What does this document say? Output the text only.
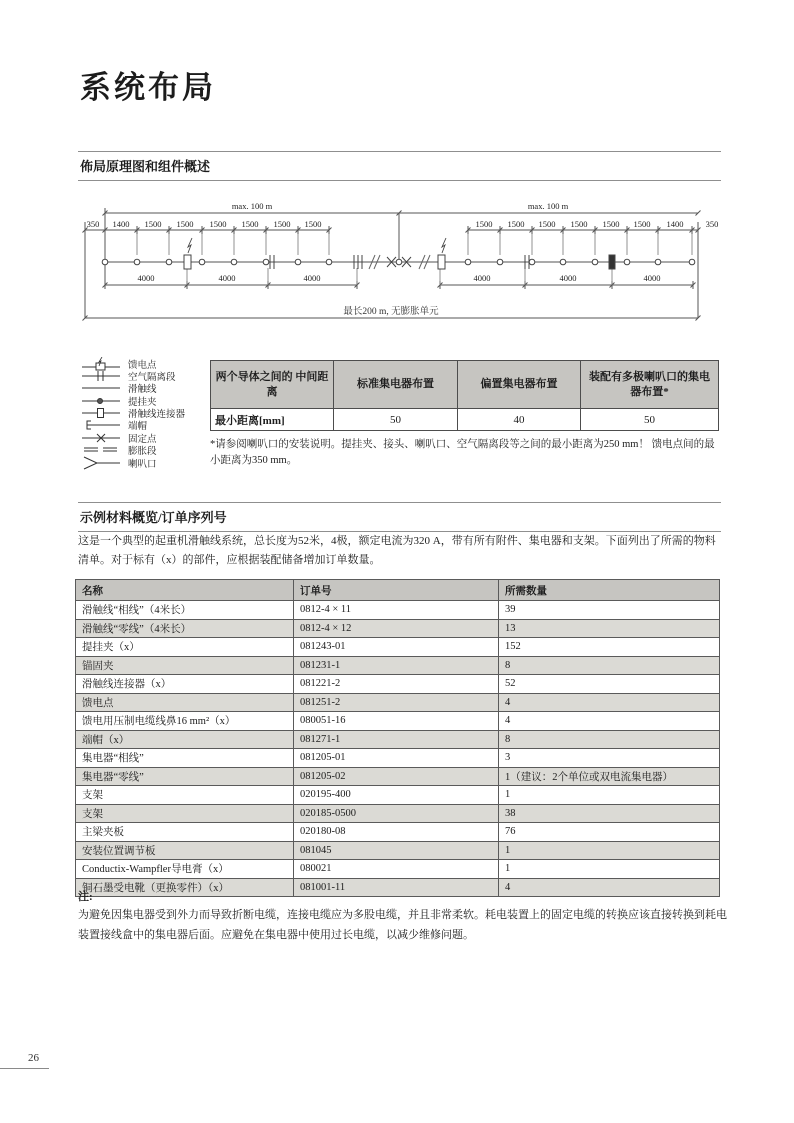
系统布局
佈局原理图和组件概述
max. 100 m	max. 100 m
350 1400 1500 1500 1500 1500 1500 1500	1500 1500 1500 1500 1500 1500 1400	350
4000	4000	4000	4000	4000	4000
最长200 m, 无膨胀单元
馈电点
空气隔离段
滑触线
提挂夹
滑触线连接器
端帽
固定点
膨胀段
喇叭口
两个导体之间的 中间距离	标准集电器布置	偏置集电器布置	装配有多极喇叭口的集电器布置*
最小距离[mm]	50	40	50
*请参阅喇叭口的安装说明。提挂夹、接头、喇叭口、空气隔离段等之间的最小距离为250 mm！ 馈电点间的最小距离为350 mm。
示例材料概览/订单序列号
这是一个典型的起重机滑触线系统，总长度为52米，4极，额定电流为320 A，带有所有附件、集电器和支架。下面列出了所需的物料清单。对于标有（x）的部件，应根据装配储备增加订单数量。
名称	订单号	所需数量
滑触线“相线”（4米长）	0812-4 × 11	39
滑触线“零线”（4米长）	0812-4 × 12	13
提挂夹（x）	081243-01	152
锚固夹	081231-1	8
滑触线连接器（x）	081221-2	52
馈电点	081251-2	4
馈电用压制电缆线鼻16 mm²（x）	080051-16	4
端帽（x）	081271-1	8
集电器“相线”	081205-01	3
集电器“零线”	081205-02	1（建议：2个单位或双电流集电器）
支架	020195-400	1
支架	020185-0500	38
主梁夹板	020180-08	76
安装位置调节板	081045	1
Conductix-Wampfler导电膏（x）	080021	1
铜石墨受电靴（更换零件）（x）	081001-11	4
注:
为避免因集电器受到外力而导致折断电缆，连接电缆应为多股电缆，并且非常柔软。耗电装置上的固定电缆的转换应该直接转换到耗电装置接线盒中的集电器后面。应避免在集电器中使用过长电缆，以减少维修问题。
26
